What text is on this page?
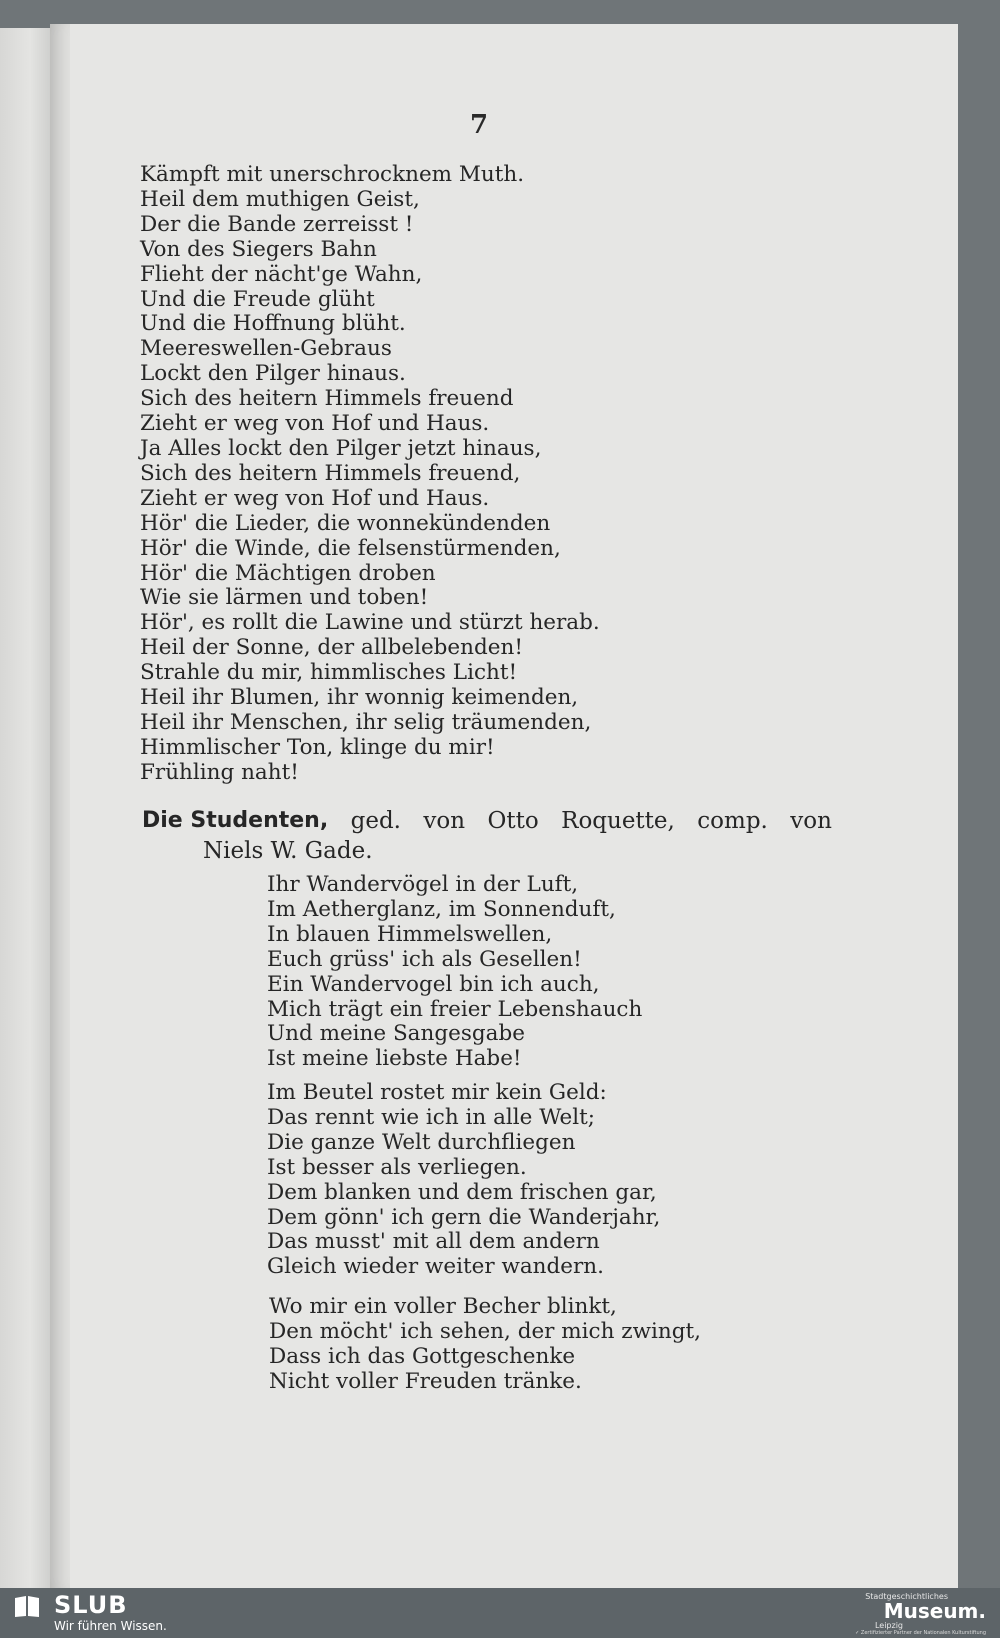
7
Kämpft mit unerschrocknem Muth.
Heil dem muthigen Geist,
Der die Bande zerreisst !
Von des Siegers Bahn
Flieht der nächt'ge Wahn,
Und die Freude glüht
Und die Hoffnung blüht.
Meereswellen-Gebraus
Lockt den Pilger hinaus.
Sich des heitern Himmels freuend
Zieht er weg von Hof und Haus.
Ja Alles lockt den Pilger jetzt hinaus,
Sich des heitern Himmels freuend,
Zieht er weg von Hof und Haus.
Hör' die Lieder, die wonnekündenden
Hör' die Winde, die felsenstürmenden,
Hör' die Mächtigen droben
Wie sie lärmen und toben!
Hör', es rollt die Lawine und stürzt herab.
Heil der Sonne, der allbelebenden!
Strahle du mir, himmlisches Licht!
Heil ihr Blumen, ihr wonnig keimenden,
Heil ihr Menschen, ihr selig träumenden,
Himmlischer Ton, klinge du mir!
Frühling naht!
Die Studenten, ged. von Otto Roquette, comp. von
Niels W. Gade.
Ihr Wandervögel in der Luft,
Im Aetherglanz, im Sonnenduft,
In blauen Himmelswellen,
Euch grüss' ich als Gesellen!
Ein Wandervogel bin ich auch,
Mich trägt ein freier Lebenshauch
Und meine Sangesgabe
Ist meine liebste Habe!
Im Beutel rostet mir kein Geld:
Das rennt wie ich in alle Welt;
Die ganze Welt durchfliegen
Ist besser als verliegen.
Dem blanken und dem frischen gar,
Dem gönn' ich gern die Wanderjahr,
Das musst' mit all dem andern
Gleich wieder weiter wandern.
Wo mir ein voller Becher blinkt,
Den möcht' ich sehen, der mich zwingt,
Dass ich das Gottgeschenke
Nicht voller Freuden tränke.
SLUB
Wir führen Wissen.
Stadtgeschichtliches
Museum.
Leipzig
✓ Zertifizierter Partner der Nationalen Kulturstiftung
